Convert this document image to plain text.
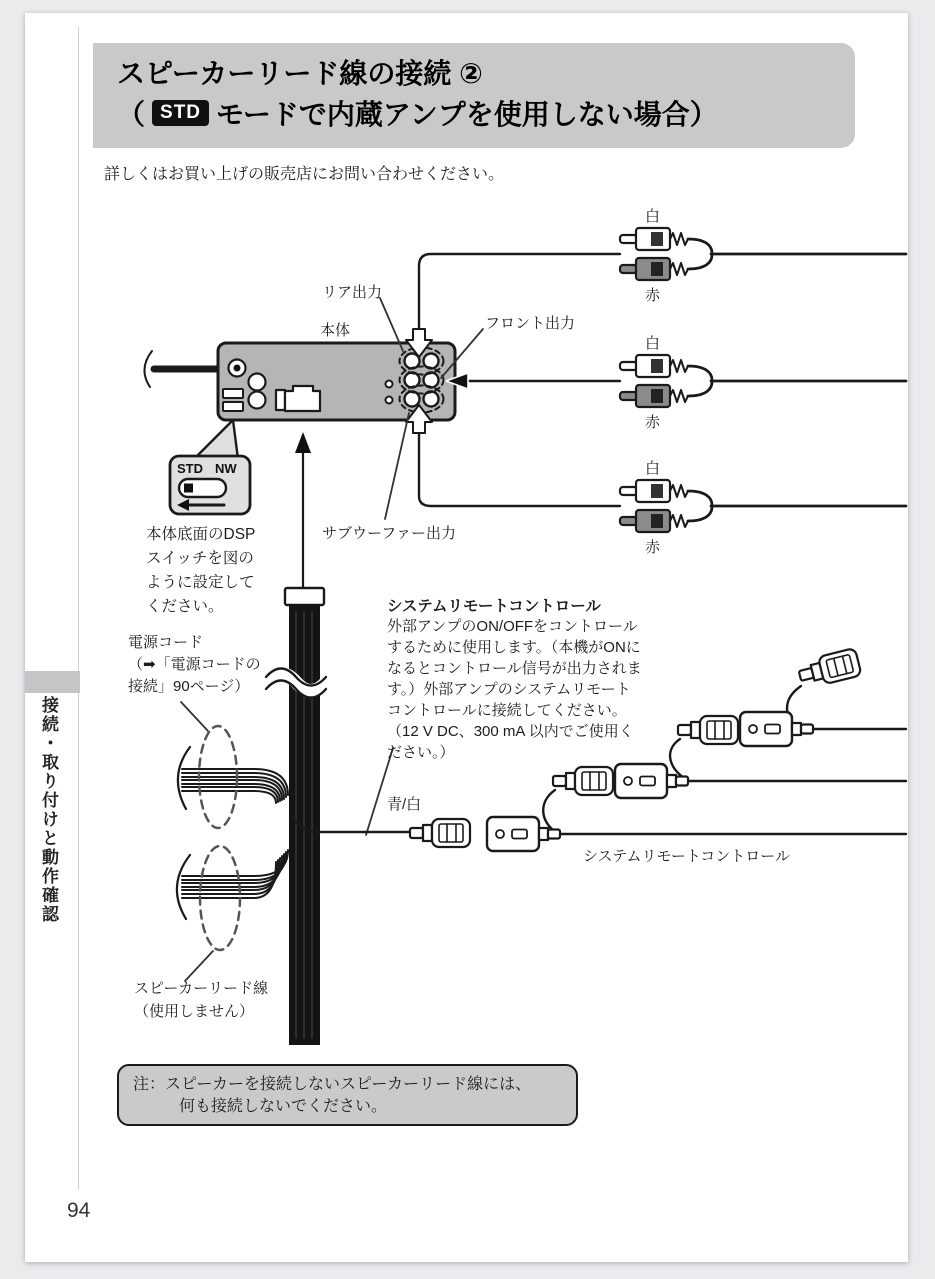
スピーカーリード線の接続 ②
（ STD モードで内蔵アンプを使用しない場合）
詳しくはお買い上げの販売店にお問い合わせください。
リア出力
本体	フロント出力
サブウーファー出力
白
赤
白
赤
白
赤
STD NW
本体底面のDSP
スイッチを図の
ように設定して
ください。
電源コード
（➡「電源コードの
接続」90ページ）
システムリモートコントロール
外部アンプのON/OFFをコントロール
するために使用します。（本機がONに
なるとコントロール信号が出力されま
す。）外部アンプのシステムリモート
コントロールに接続してください。
（12 V DC、300 mA 以内でご使用く
ださい。）
青/白
システムリモートコントロール
スピーカーリード線
（使用しません）
注：スピーカーを接続しないスピーカーリード線には、
何も接続しないでください。
接続・取り付けと動作確認
94
